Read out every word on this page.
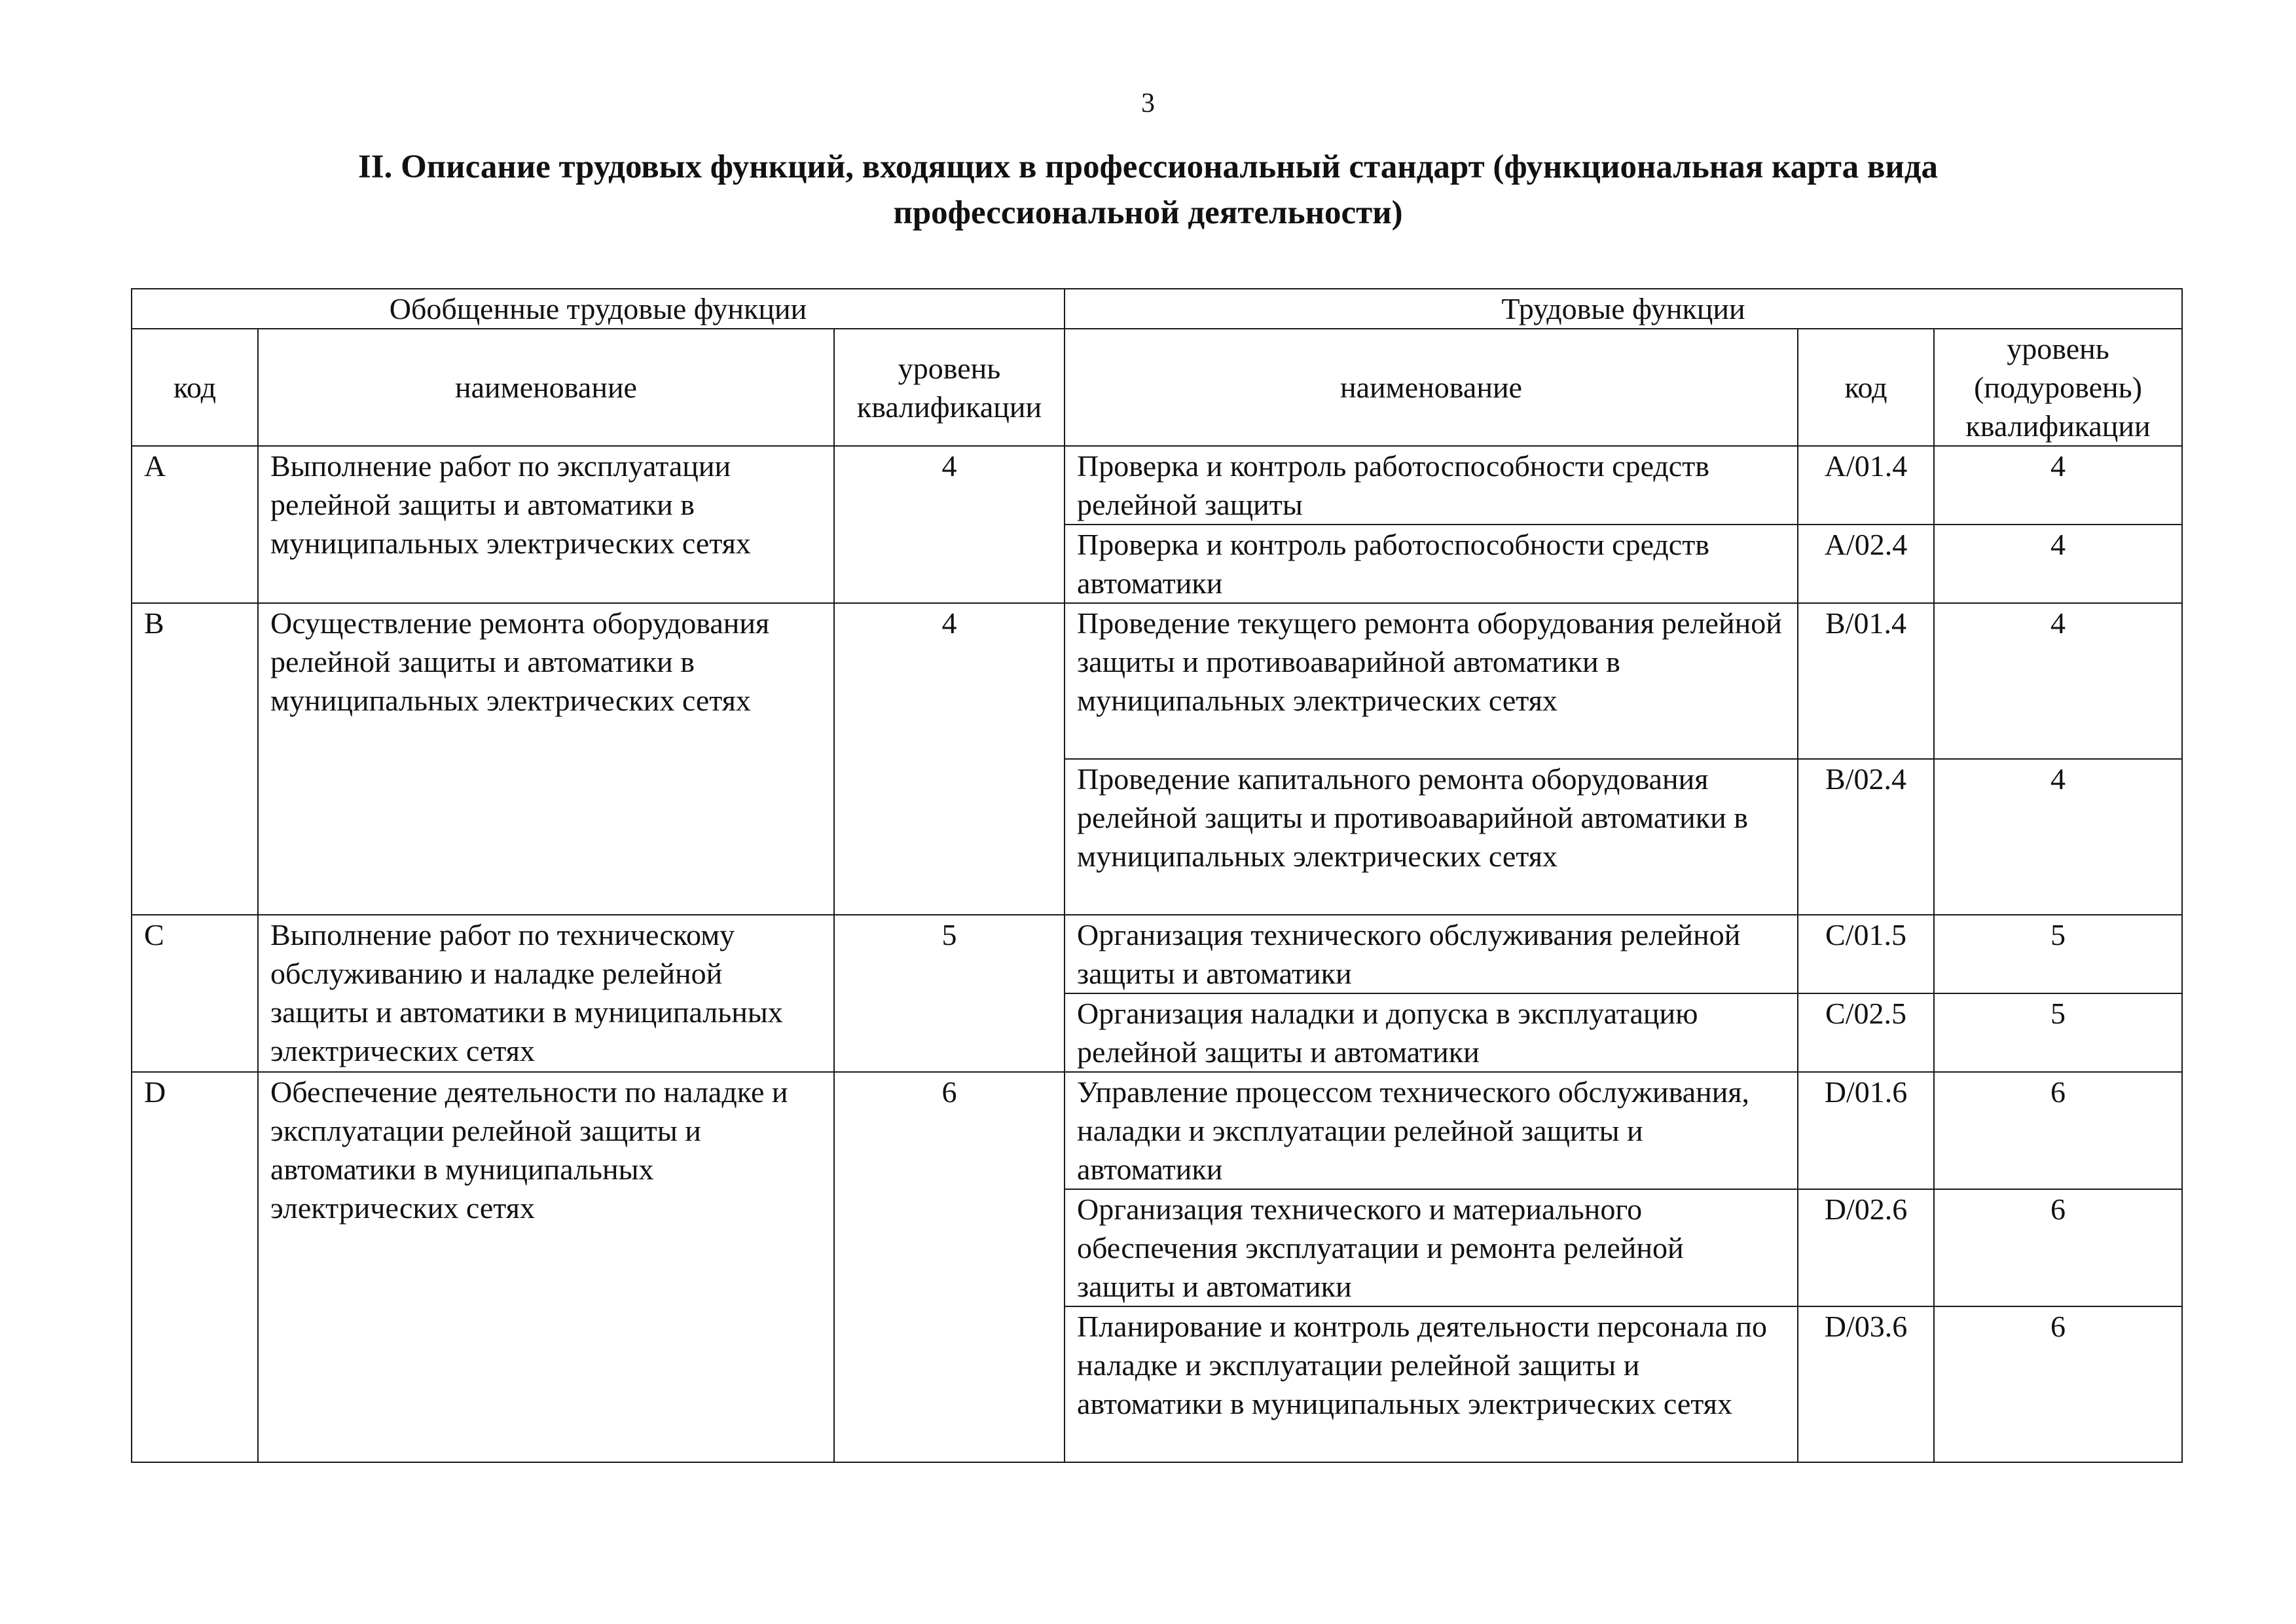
3
II. Описание трудовых функций, входящих в профессиональный стандарт (функциональная карта вида
профессиональной деятельности)
Обобщенные трудовые функции			Трудовые функции		
код	наименование	уровень квалификации	наименование	код	уровень (подуровень) квалификации
A	Выполнение работ по эксплуатации релейной защиты и автоматики в муниципальных электрических сетях	4	Проверка и контроль работоспособности средств релейной защиты	A/01.4	4
			Проверка и контроль работоспособности средств автоматики	A/02.4	4
B	Осуществление ремонта оборудования релейной защиты и автоматики в муниципальных электрических сетях	4	Проведение текущего ремонта оборудования релейной защиты и противоаварийной автоматики в муниципальных электрических сетях	B/01.4	4
			Проведение капитального ремонта оборудования релейной защиты и противоаварийной автоматики в муниципальных электрических сетях	B/02.4	4
C	Выполнение работ по техническому обслуживанию и наладке релейной защиты и автоматики в муниципальных электрических сетях	5	Организация технического обслуживания релейной защиты и автоматики	C/01.5	5
			Организация наладки и допуска в эксплуатацию релейной защиты и автоматики	C/02.5	5
D	Обеспечение деятельности по наладке и эксплуатации релейной защиты и автоматики в муниципальных электрических сетях	6	Управление процессом технического обслуживания, наладки и эксплуатации релейной защиты и автоматики	D/01.6	6
			Организация технического и материального обеспечения эксплуатации и ремонта релейной защиты и автоматики	D/02.6	6
			Планирование и контроль деятельности персонала по наладке и эксплуатации релейной защиты и автоматики в муниципальных электрических сетях	D/03.6	6
